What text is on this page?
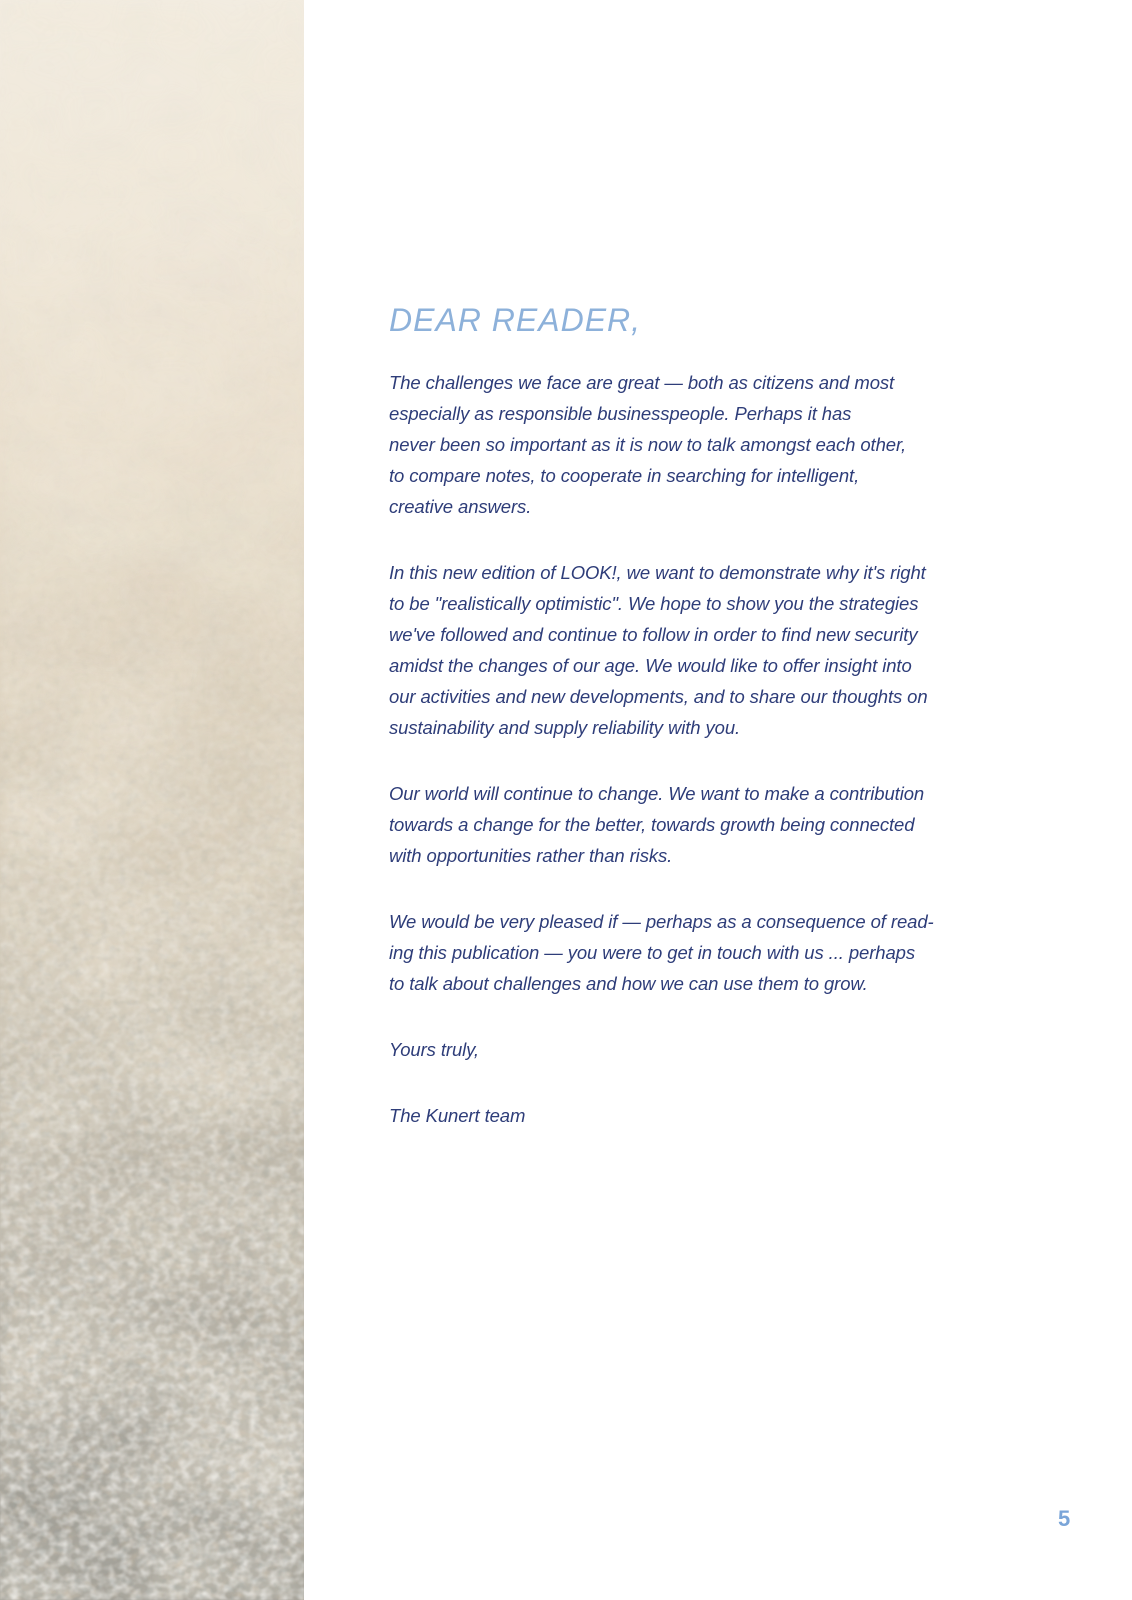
DEAR READER,
The challenges we face are great — both as citizens and most
especially as responsible businesspeople. Perhaps it has
never been so important as it is now to talk amongst each other,
to compare notes, to cooperate in searching for intelligent,
creative answers.
In this new edition of LOOK!, we want to demonstrate why it's right
to be "realistically optimistic". We hope to show you the strategies
we've followed and continue to follow in order to find new security
amidst the changes of our age. We would like to offer insight into
our activities and new developments, and to share our thoughts on
sustainability and supply reliability with you.
Our world will continue to change. We want to make a contribution
towards a change for the better, towards growth being connected
with opportunities rather than risks.
We would be very pleased if — perhaps as a consequence of read-
ing this publication — you were to get in touch with us ... perhaps
to talk about challenges and how we can use them to grow.
Yours truly,
The Kunert team
5
